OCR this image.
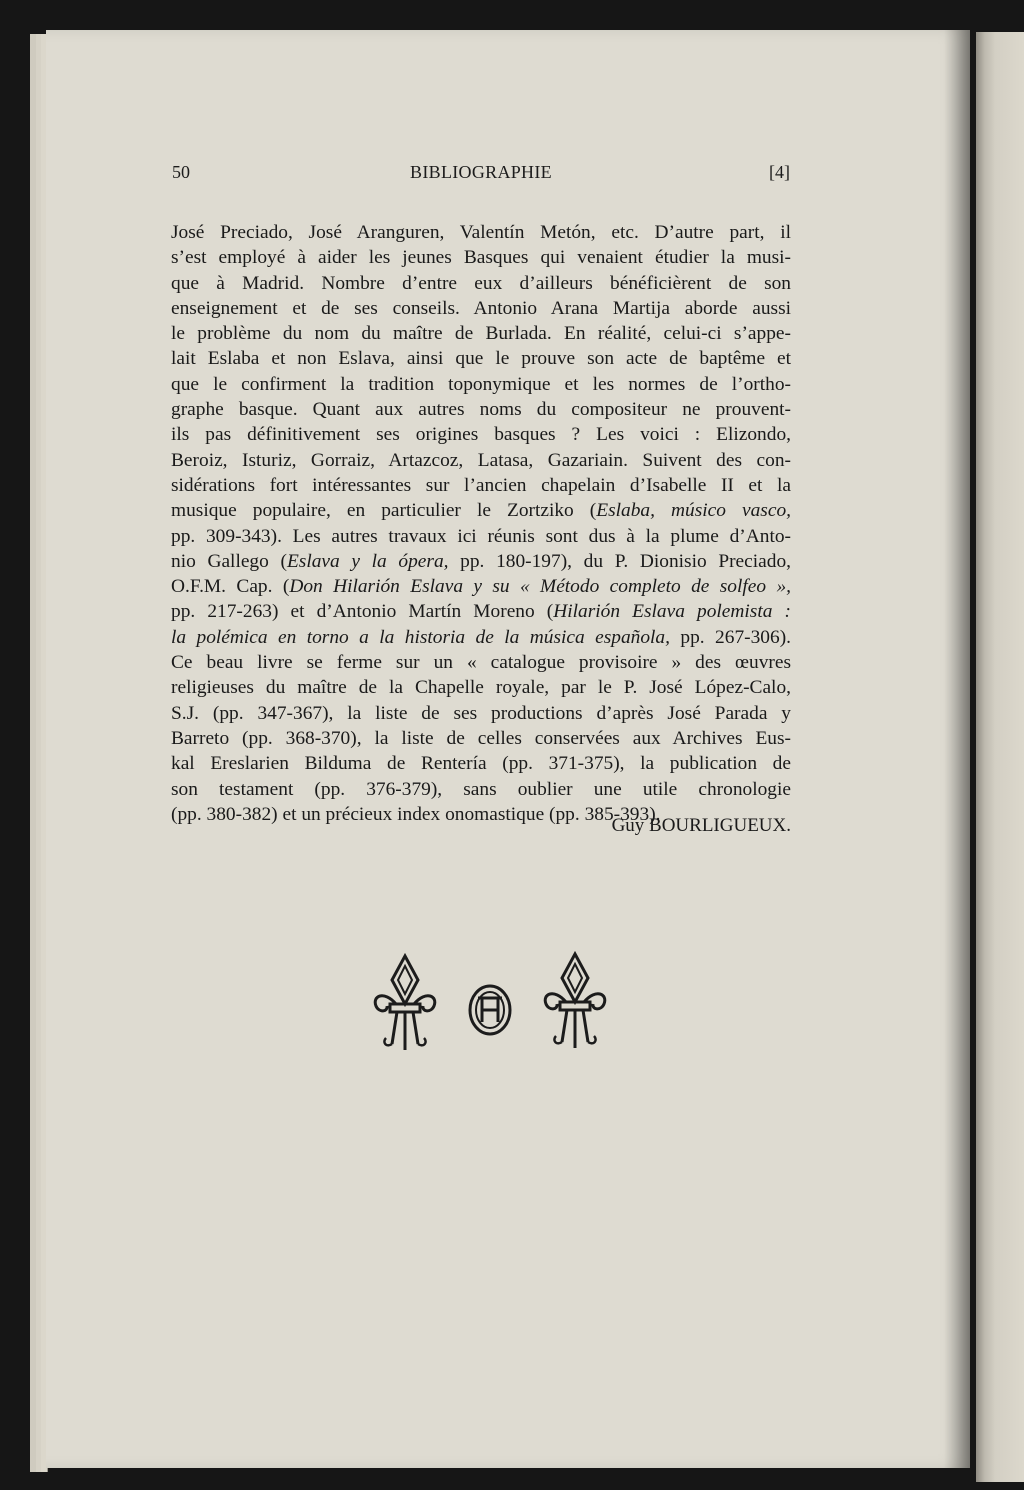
50	BIBLIOGRAPHIE	[4]
José Preciado, José Aranguren, Valentín Metón, etc. D’autre part, il
s’est employé à aider les jeunes Basques qui venaient étudier la musi-
que à Madrid. Nombre d’entre eux d’ailleurs bénéficièrent de son
enseignement et de ses conseils. Antonio Arana Martija aborde aussi
le problème du nom du maître de Burlada. En réalité, celui-ci s’appe-
lait Eslaba et non Eslava, ainsi que le prouve son acte de baptême et
que le confirment la tradition toponymique et les normes de l’ortho-
graphe basque. Quant aux autres noms du compositeur ne prouvent-
ils pas définitivement ses origines basques ? Les voici : Elizondo,
Beroiz, Isturiz, Gorraiz, Artazcoz, Latasa, Gazariain. Suivent des con-
sidérations fort intéressantes sur l’ancien chapelain d’Isabelle II et la
musique populaire, en particulier le Zortziko (Eslaba, músico vasco,
pp. 309-343). Les autres travaux ici réunis sont dus à la plume d’Anto-
nio Gallego (Eslava y la ópera, pp. 180-197), du P. Dionisio Preciado,
O.F.M. Cap. (Don Hilarión Eslava y su « Método completo de solfeo »,
pp. 217-263) et d’Antonio Martín Moreno (Hilarión Eslava polemista :
la polémica en torno a la historia de la música española, pp. 267-306).
Ce beau livre se ferme sur un « catalogue provisoire » des œuvres
religieuses du maître de la Chapelle royale, par le P. José López-Calo,
S.J. (pp. 347-367), la liste de ses productions d’après José Parada y
Barreto (pp. 368-370), la liste de celles conservées aux Archives Eus-
kal Ereslarien Bilduma de Rentería (pp. 371-375), la publication de
son testament (pp. 376-379), sans oublier une utile chronologie
(pp. 380-382) et un précieux index onomastique (pp. 385-393).
Guy BOURLIGUEUX.
